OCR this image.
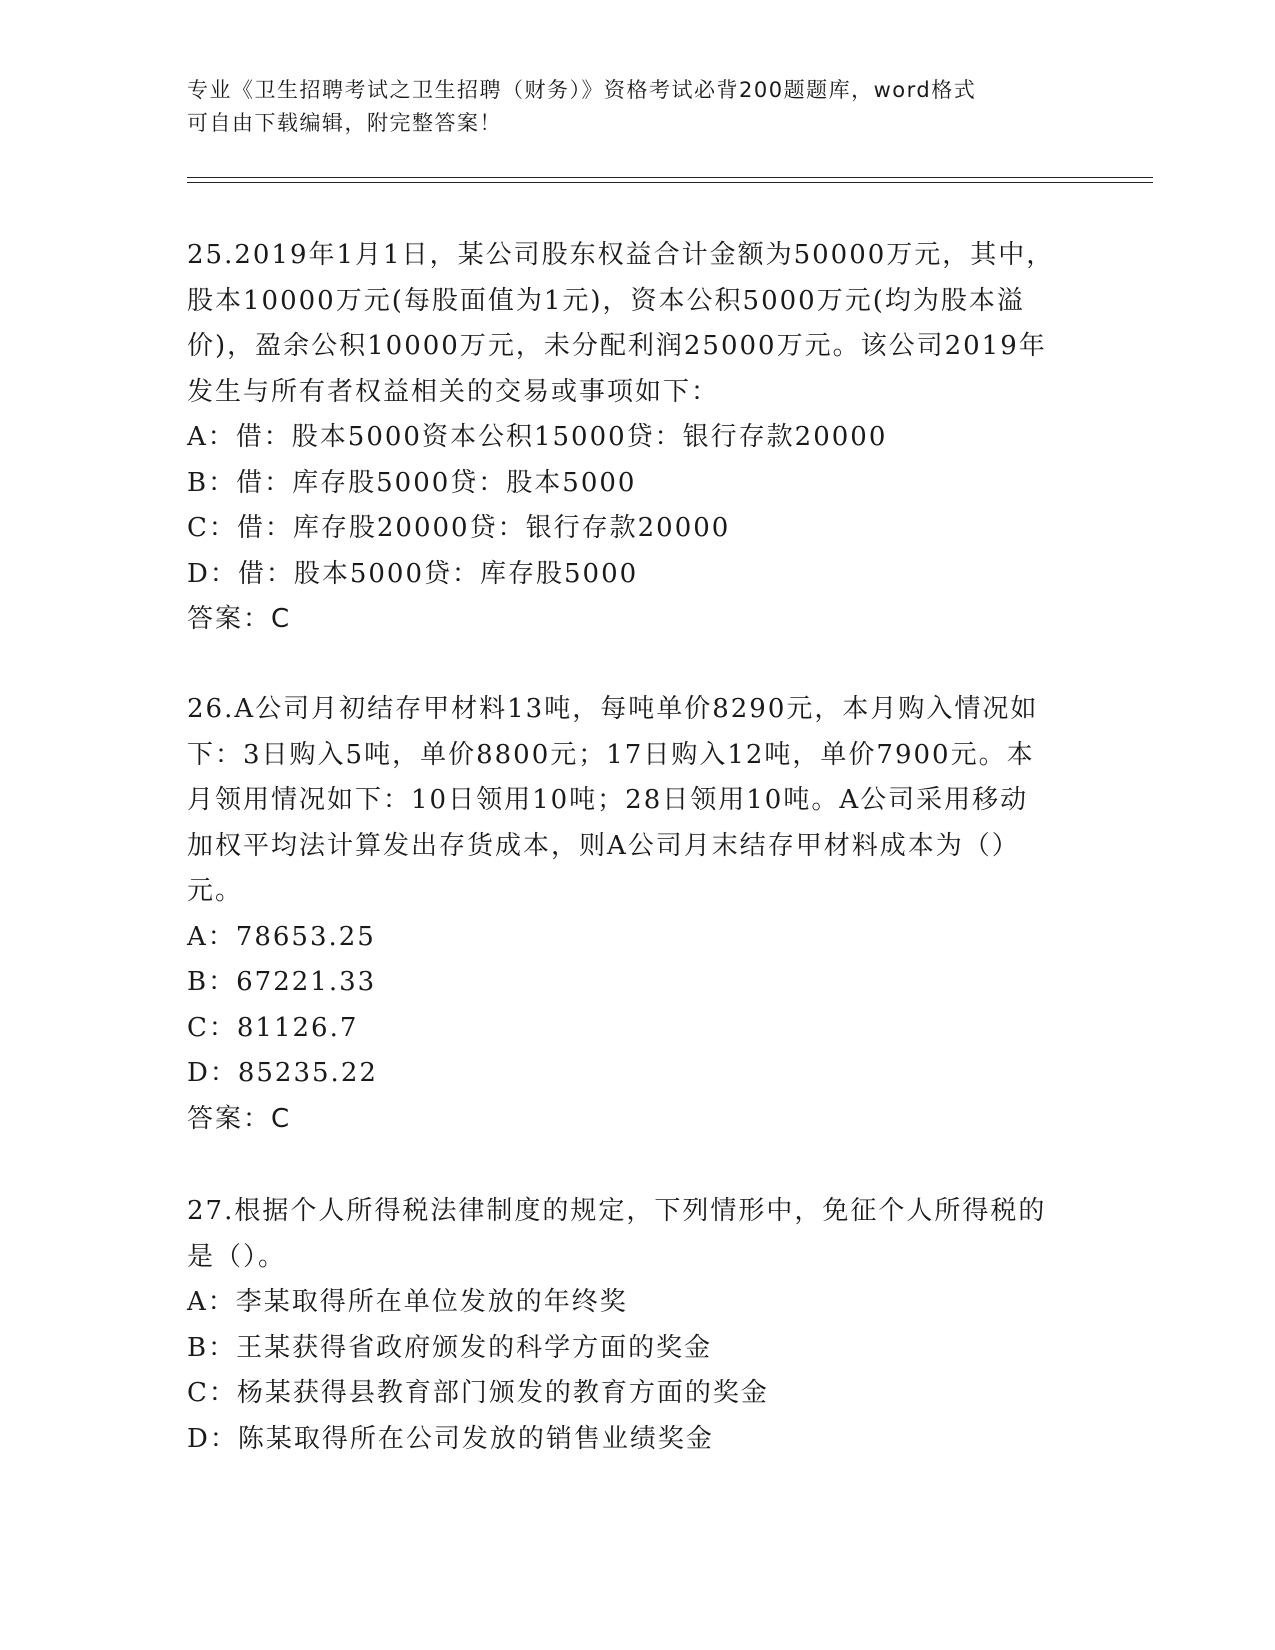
专业《卫生招聘考试之卫生招聘（财务）》资格考试必背200题题库，word格式
可自由下载编辑，附完整答案！
25.2019年1月1日，某公司股东权益合计金额为50000万元，其中，
股本10000万元(每股面值为1元)，资本公积5000万元(均为股本溢
价)，盈余公积10000万元，未分配利润25000万元。该公司2019年
发生与所有者权益相关的交易或事项如下：
A：借：股本5000资本公积15000贷：银行存款20000
B：借：库存股5000贷：股本5000
C：借：库存股20000贷：银行存款20000
D：借：股本5000贷：库存股5000
答案：C
26.A公司月初结存甲材料13吨，每吨单价8290元，本月购入情况如
下：3日购入5吨，单价8800元；17日购入12吨，单价7900元。本
月领用情况如下：10日领用10吨；28日领用10吨。A公司采用移动
加权平均法计算发出存货成本，则A公司月末结存甲材料成本为（）
元。
A：78653.25
B：67221.33
C：81126.7
D：85235.22
答案：C
27.根据个人所得税法律制度的规定，下列情形中，免征个人所得税的
是（）。
A：李某取得所在单位发放的年终奖
B：王某获得省政府颁发的科学方面的奖金
C：杨某获得县教育部门颁发的教育方面的奖金
D：陈某取得所在公司发放的销售业绩奖金
